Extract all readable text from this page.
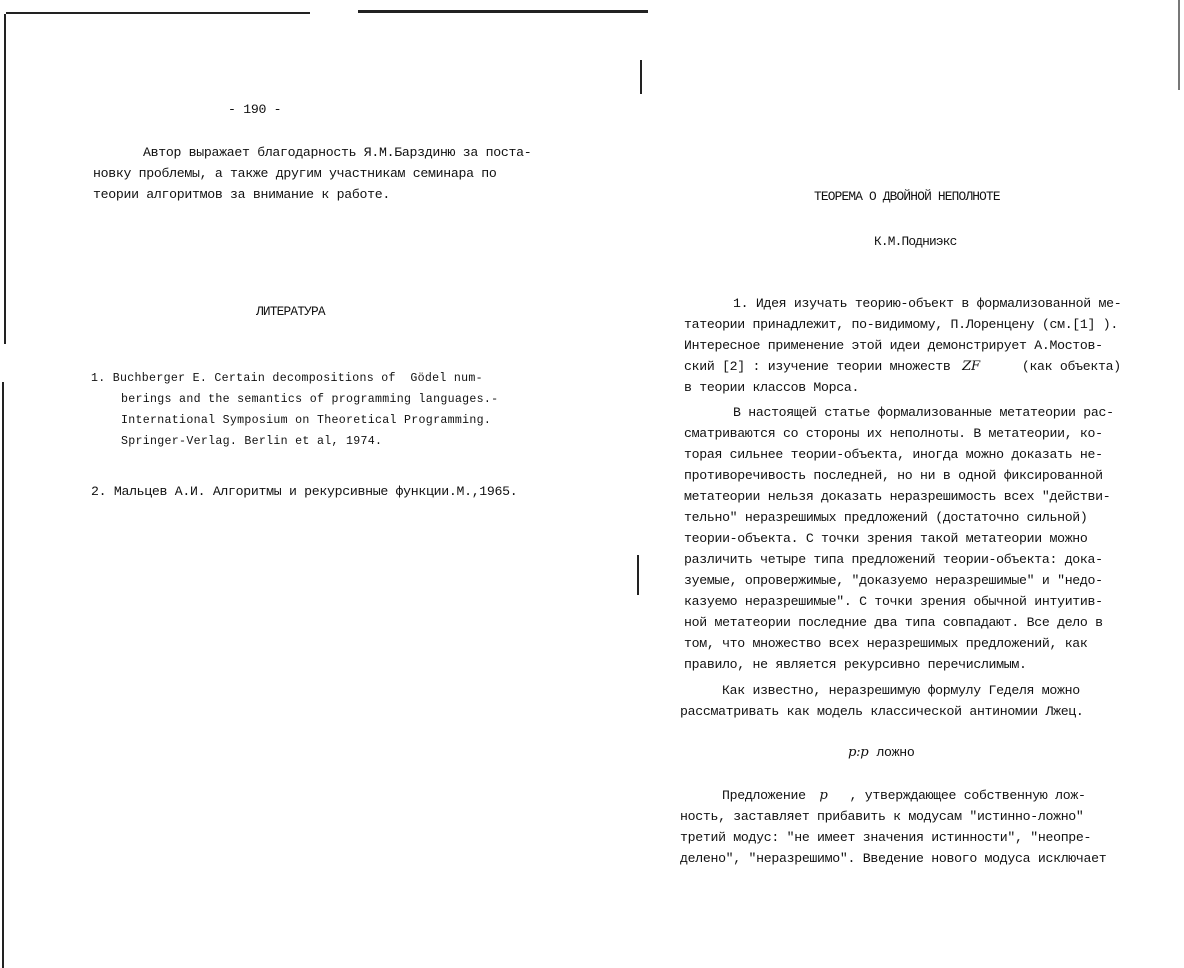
- 190 -
Автор выражает благодарность Я.М.Барздиню за поста-
новку проблемы, а также другим участникам семинара по
теории алгоритмов за внимание к работе.
ЛИТЕРАТУРА
1. Buchberger E. Certain decompositions of  Gödel num-
berings and the semantics of programming languages.-
International Symposium on Theoretical Programming.
Springer-Verlag. Berlin et al, 1974.
2. Мальцев А.И. Алгоритмы и рекурсивные функции.М.,1965.
ТЕОРЕМА О ДВОЙНОЙ НЕПОЛНОТЕ
К.М.Подниэкс
1. Идея изучать теорию-объект в формализованной ме-
татеории принадлежит, по-видимому, П.Лоренцену (см.[1] ).
Интересное применение этой идеи демонстрирует А.Мостов-
ский [2] : изучение теории множеств ZF	(как объекта)
в теории классов Морса.
В настоящей статье формализованные метатеории рас-
сматриваются со стороны их неполноты. В метатеории, ко-
торая сильнее теории-объекта, иногда можно доказать не-
противоречивость последней, но ни в одной фиксированной
метатеории нельзя доказать неразрешимость всех "действи-
тельно" неразрешимых предложений (достаточно сильной)
теории-объекта. С точки зрения такой метатеории можно
различить четыре типа предложений теории-объекта: дока-
зуемые, опровержимые, "доказуемо неразрешимые" и "недо-
казуемо неразрешимые". С точки зрения обычной интуитив-
ной метатеории последние два типа совпадают. Все дело в
том, что множество всех неразрешимых предложений, как
правило, не является рекурсивно перечислимым.
Как известно, неразрешимую формулу Геделя можно
рассматривать как модель классической антиномии Лжец.
p:p ложно
Предложение p , утверждающее собственную лож-
ность, заставляет прибавить к модусам "истинно-ложно"
третий модус: "не имеет значения истинности", "неопре-
делено", "неразрешимо". Введение нового модуса исключает
